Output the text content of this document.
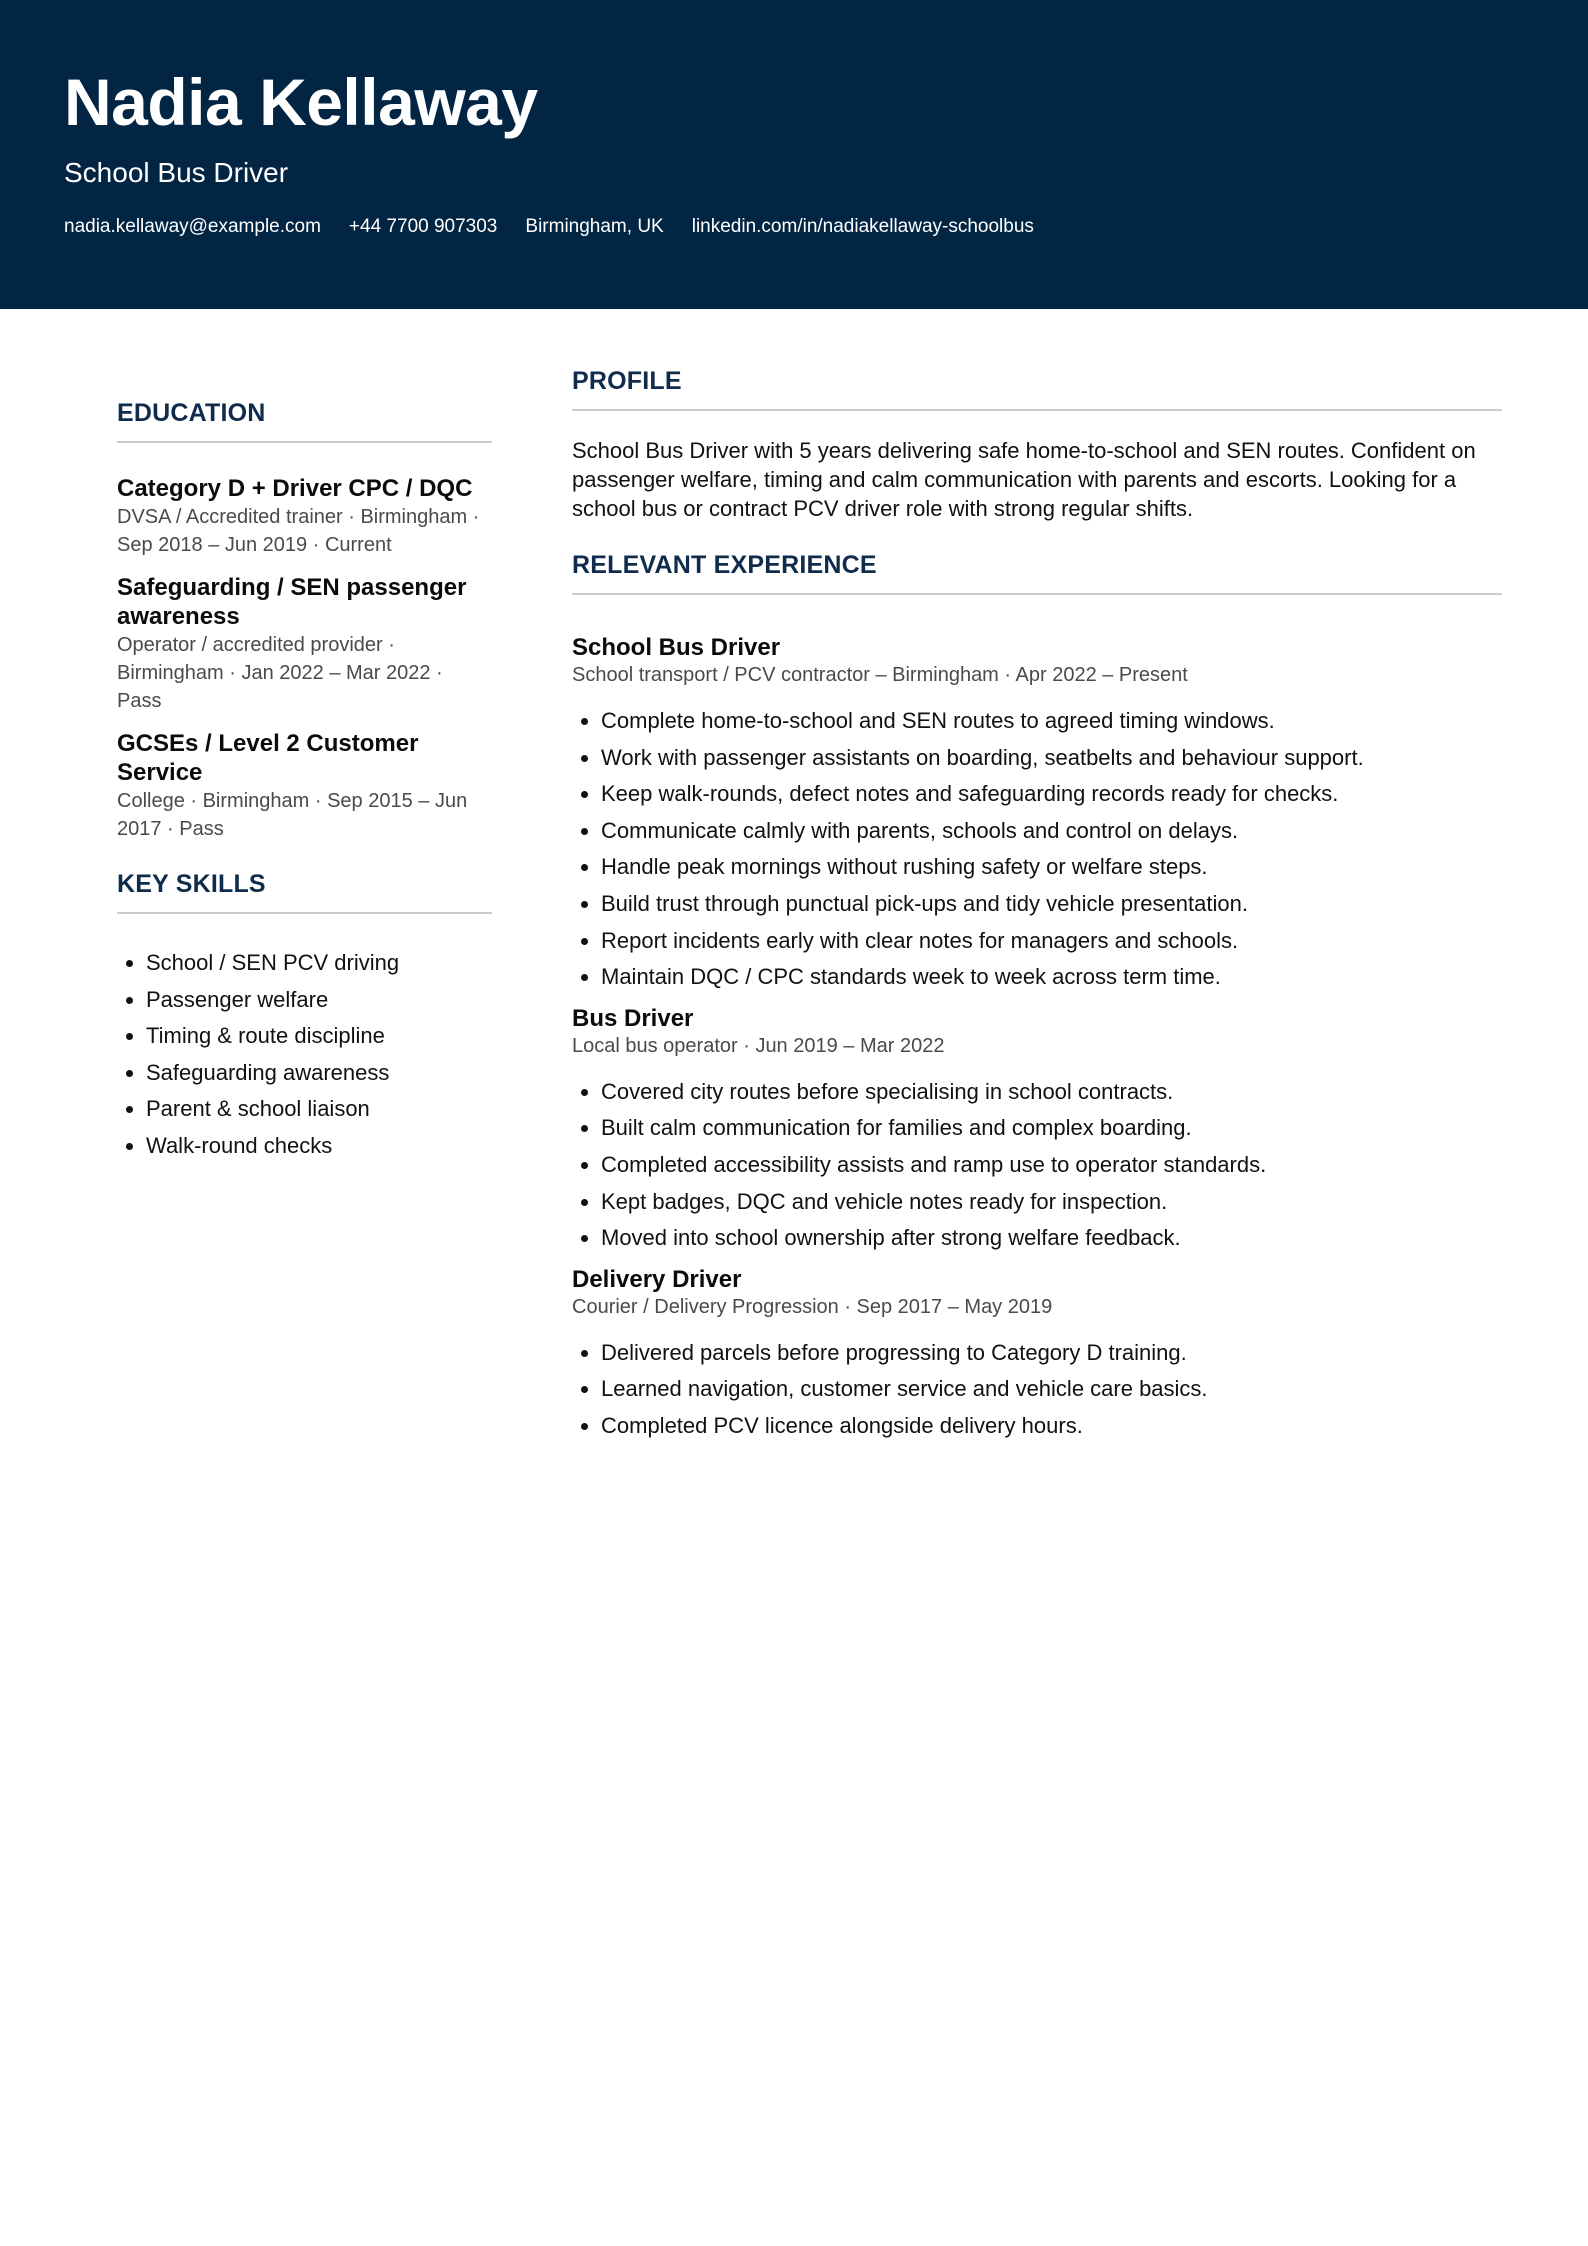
Nadia Kellaway
School Bus Driver
nadia.kellaway@example.com +44 7700 907303 Birmingham, UK linkedin.com/in/nadiakellaway-schoolbus
EDUCATION
Category D + Driver CPC / DQC
DVSA / Accredited trainer · Birmingham · Sep 2018 – Jun 2019 · Current
Safeguarding / SEN passenger awareness
Operator / accredited provider · Birmingham · Jan 2022 – Mar 2022 · Pass
GCSEs / Level 2 Customer Service
College · Birmingham · Sep 2015 – Jun 2017 · Pass
KEY SKILLS
• School / SEN PCV driving
• Passenger welfare
• Timing & route discipline
• Safeguarding awareness
• Parent & school liaison
• Walk-round checks
PROFILE
School Bus Driver with 5 years delivering safe home-to-school and SEN routes. Confident on passenger welfare, timing and calm communication with parents and escorts. Looking for a school bus or contract PCV driver role with strong regular shifts.
RELEVANT EXPERIENCE
School Bus Driver
School transport / PCV contractor – Birmingham · Apr 2022 – Present
• Complete home-to-school and SEN routes to agreed timing windows.
• Work with passenger assistants on boarding, seatbelts and behaviour support.
• Keep walk-rounds, defect notes and safeguarding records ready for checks.
• Communicate calmly with parents, schools and control on delays.
• Handle peak mornings without rushing safety or welfare steps.
• Build trust through punctual pick-ups and tidy vehicle presentation.
• Report incidents early with clear notes for managers and schools.
• Maintain DQC / CPC standards week to week across term time.
Bus Driver
Local bus operator · Jun 2019 – Mar 2022
• Covered city routes before specialising in school contracts.
• Built calm communication for families and complex boarding.
• Completed accessibility assists and ramp use to operator standards.
• Kept badges, DQC and vehicle notes ready for inspection.
• Moved into school ownership after strong welfare feedback.
Delivery Driver
Courier / Delivery Progression · Sep 2017 – May 2019
• Delivered parcels before progressing to Category D training.
• Learned navigation, customer service and vehicle care basics.
• Completed PCV licence alongside delivery hours.
